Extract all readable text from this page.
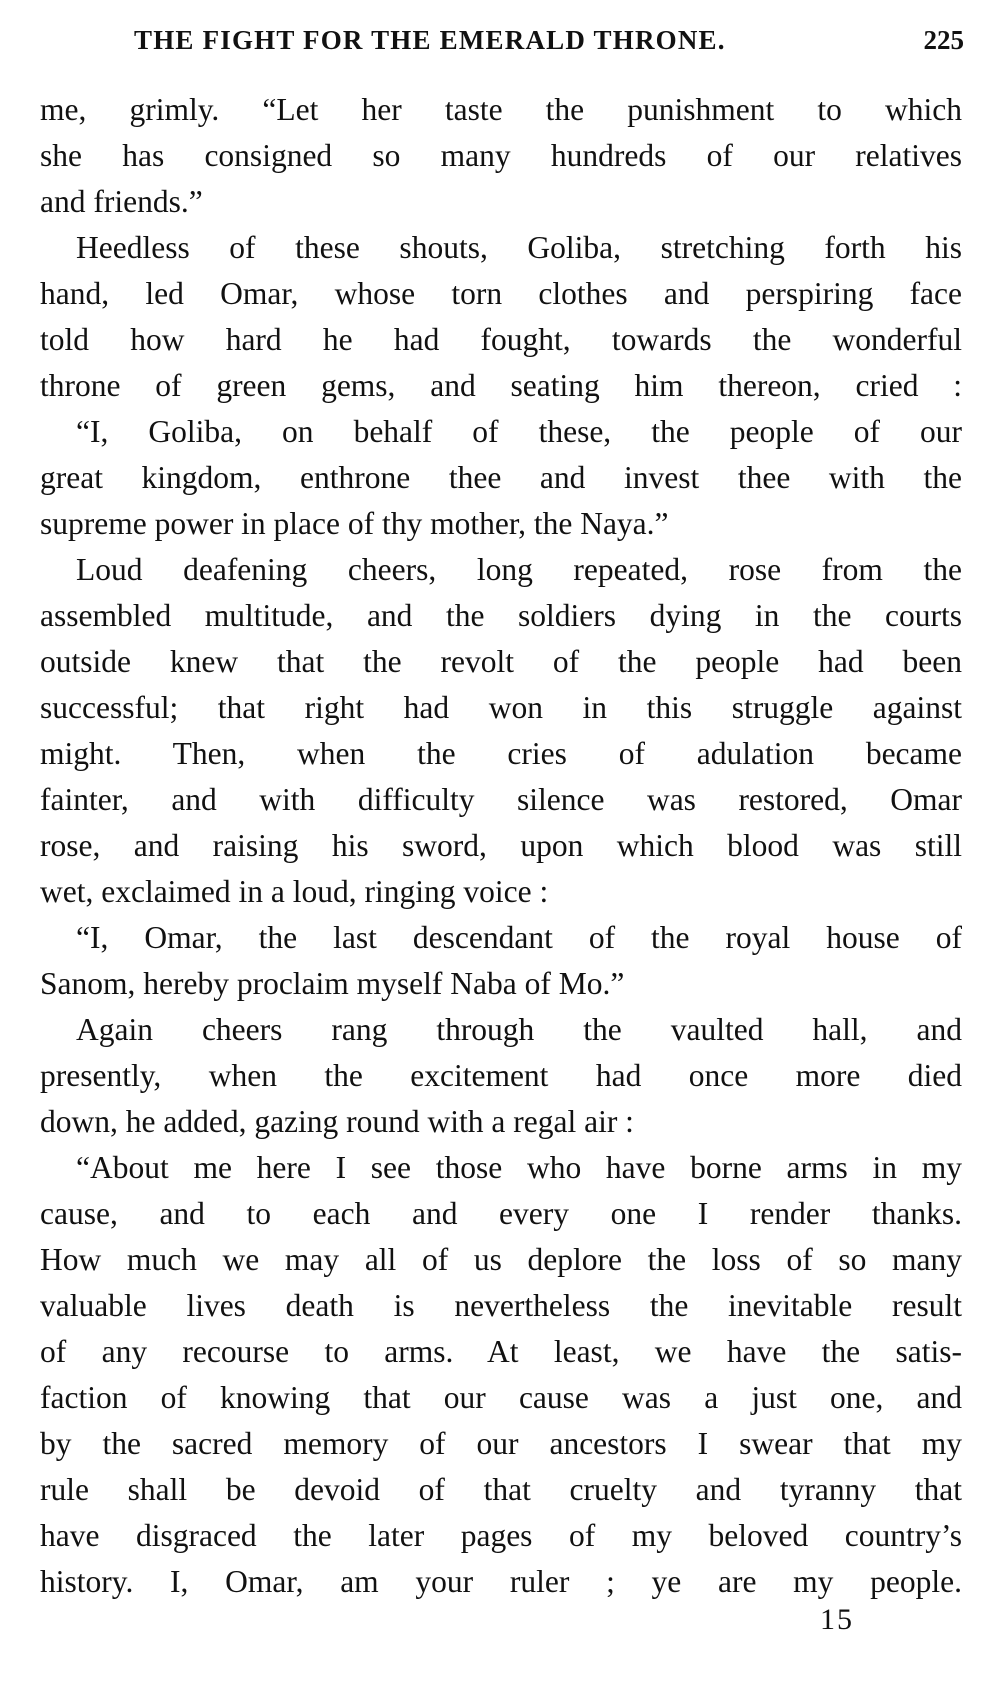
THE FIGHT FOR THE EMERALD THRONE.	225
me, grimly. “Let her taste the punishment to which
she has consigned so many hundreds of our relatives
and friends.”
Heedless of these shouts, Goliba, stretching forth his
hand, led Omar, whose torn clothes and perspiring face
told how hard he had fought, towards the wonderful
throne of green gems, and seating him thereon, cried :
“I, Goliba, on behalf of these, the people of our
great kingdom, enthrone thee and invest thee with the
supreme power in place of thy mother, the Naya.”
Loud deafening cheers, long repeated, rose from the
assembled multitude, and the soldiers dying in the courts
outside knew that the revolt of the people had been
successful; that right had won in this struggle against
might. Then, when the cries of adulation became
fainter, and with difficulty silence was restored, Omar
rose, and raising his sword, upon which blood was still
wet, exclaimed in a loud, ringing voice :
“I, Omar, the last descendant of the royal house of
Sanom, hereby proclaim myself Naba of Mo.”
Again cheers rang through the vaulted hall, and
presently, when the excitement had once more died
down, he added, gazing round with a regal air :
“About me here I see those who have borne arms in my
cause, and to each and every one I render thanks.
How much we may all of us deplore the loss of so many
valuable lives death is nevertheless the inevitable result
of any recourse to arms. At least, we have the satis-
faction of knowing that our cause was a just one, and
by the sacred memory of our ancestors I swear that my
rule shall be devoid of that cruelty and tyranny that
have disgraced the later pages of my beloved country’s
history. I, Omar, am your ruler ; ye are my people.
15
